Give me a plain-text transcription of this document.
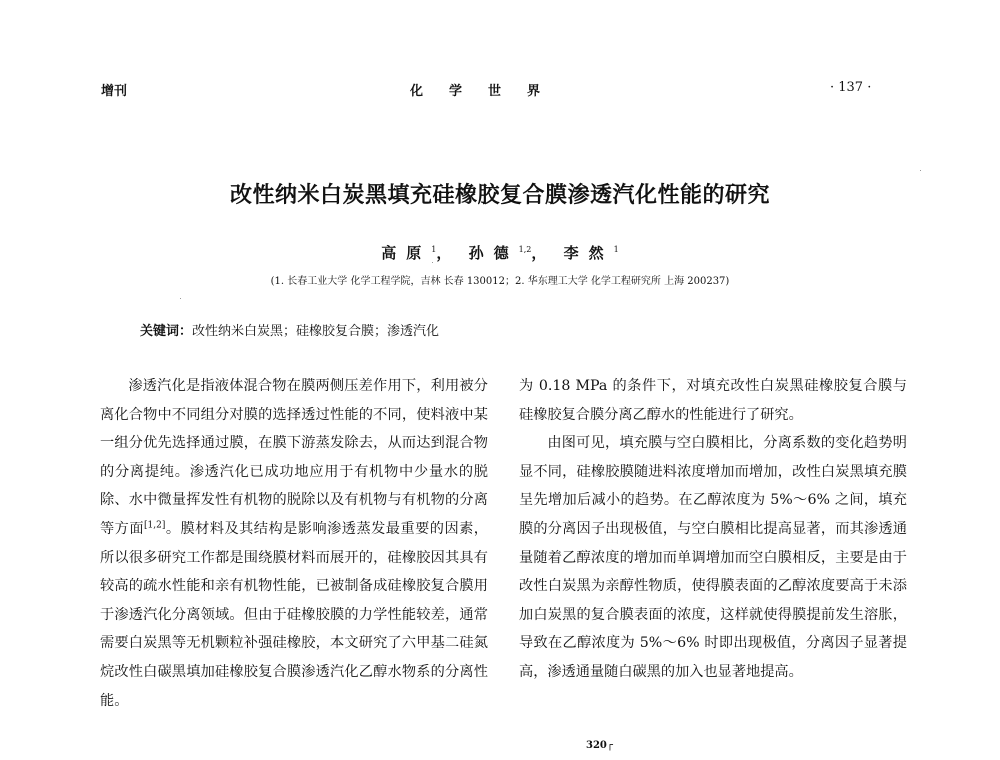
增刊	化学世界	· 137 ·
改性纳米白炭黑填充硅橡胶复合膜渗透汽化性能的研究
高原$^1$， 孙德$^{1,2}$， 李然$^1$
(1. 长春工业大学 化学工程学院，吉林 长春 130012；2. 华东理工大学 化学工程研究所 上海 200237)
关键词：改性纳米白炭黑；硅橡胶复合膜；渗透汽化

渗透汽化是指液体混合物在膜两侧压差作用下，利用被分离化合物中不同组分对膜的选择透过性能的不同，使料液中某一组分优先选择通过膜，在膜下游蒸发除去，从而达到混合物的分离提纯。渗透汽化已成功地应用于有机物中少量水的脱除、水中微量挥发性有机物的脱除以及有机物与有机物的分离等方面[1,2]。膜材料及其结构是影响渗透蒸发最重要的因素，所以很多研究工作都是围绕膜材料而展开的，硅橡胶因其具有较高的疏水性能和亲有机物性能，已被制备成硅橡胶复合膜用于渗透汽化分离领域。但由于硅橡胶膜的力学性能较差，通常需要白炭黑等无机颗粒补强硅橡胶，本文研究了六甲基二硅氮烷改性白碳黑填加硅橡胶复合膜渗透汽化乙醇水物系的分离性能。

为 0.18 MPa 的条件下，对填充改性白炭黑硅橡胶复合膜与硅橡胶复合膜分离乙醇水的性能进行了研究。

由图可见，填充膜与空白膜相比，分离系数的变化趋势明显不同，硅橡胶膜随进料浓度增加而增加，改性白炭黑填充膜呈先增加后减小的趋势。在乙醇浓度为 5%～6% 之间，填充膜的分离因子出现极值，与空白膜相比提高显著，而其渗透通量随着乙醇浓度的增加而单调增加而空白膜相反，主要是由于改性白炭黑为亲醇性物质，使得膜表面的乙醇浓度要高于未添加白炭黑的复合膜表面的浓度，这样就使得膜提前发生溶胀，导致在乙醇浓度为 5%～6% 时即出现极值，分离因子显著提高，渗透通量随白碳黑的加入也显著地提高。

320┌
